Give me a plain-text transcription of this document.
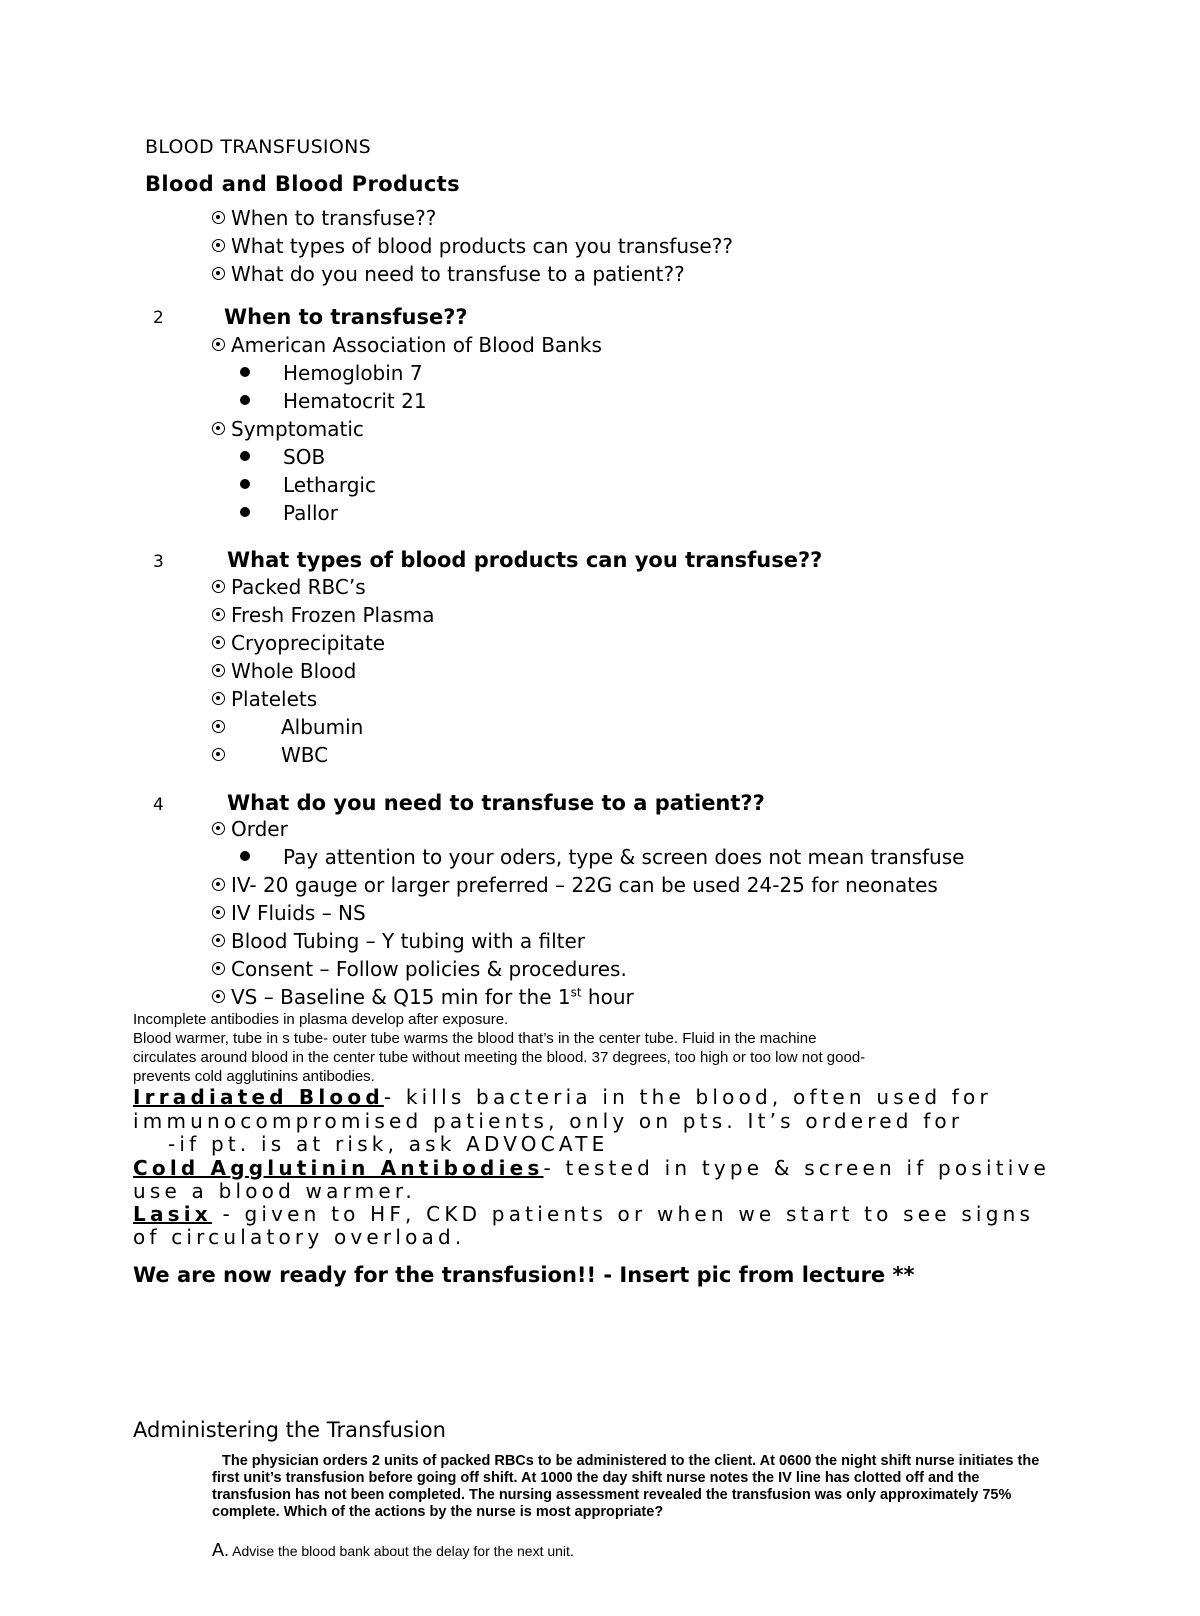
BLOOD TRANSFUSIONS
Blood and Blood Products
When to transfuse??
What types of blood products can you transfuse??
What do you need to transfuse to a patient??
2	When to transfuse??
American Association of Blood Banks
Hemoglobin 7
Hematocrit 21
Symptomatic
SOB
Lethargic
Pallor
3	What types of blood products can you transfuse??
Packed RBC’s
Fresh Frozen Plasma
Cryoprecipitate
Whole Blood
Platelets
Albumin
WBC
4	What do you need to transfuse to a patient??
Order
Pay attention to your oders, type & screen does not mean transfuse
IV- 20 gauge or larger preferred – 22G can be used 24-25 for neonates
IV Fluids – NS
Blood Tubing – Y tubing with a filter
Consent – Follow policies & procedures.
VS – Baseline & Q15 min for the 1st hour
Incomplete antibodies in plasma develop after exposure.
Blood warmer, tube in s tube- outer tube warms the blood that’s in the center tube. Fluid in the machine
circulates around blood in the center tube without meeting the blood. 37 degrees, too high or too low not good-
prevents cold agglutinins antibodies.
Irradiated Blood- kills bacteria in the blood, often used for
immunocompromised patients, only on pts. It’s ordered for
-if pt. is at risk, ask ADVOCATE
Cold Agglutinin Antibodies- tested in type & screen if positive
use a blood warmer.
Lasix - given to HF, CKD patients or when we start to see signs
of circulatory overload.
We are now ready for the transfusion!! - Insert pic from lecture **
Administering the Transfusion
The physician orders 2 units of packed RBCs to be administered to the client. At 0600 the night shift nurse initiates the first unit’s transfusion before going off shift. At 1000 the day shift nurse notes the IV line has clotted off and the transfusion has not been completed. The nursing assessment revealed the transfusion was only approximately 75% complete. Which of the actions by the nurse is most appropriate?
A. Advise the blood bank about the delay for the next unit.
